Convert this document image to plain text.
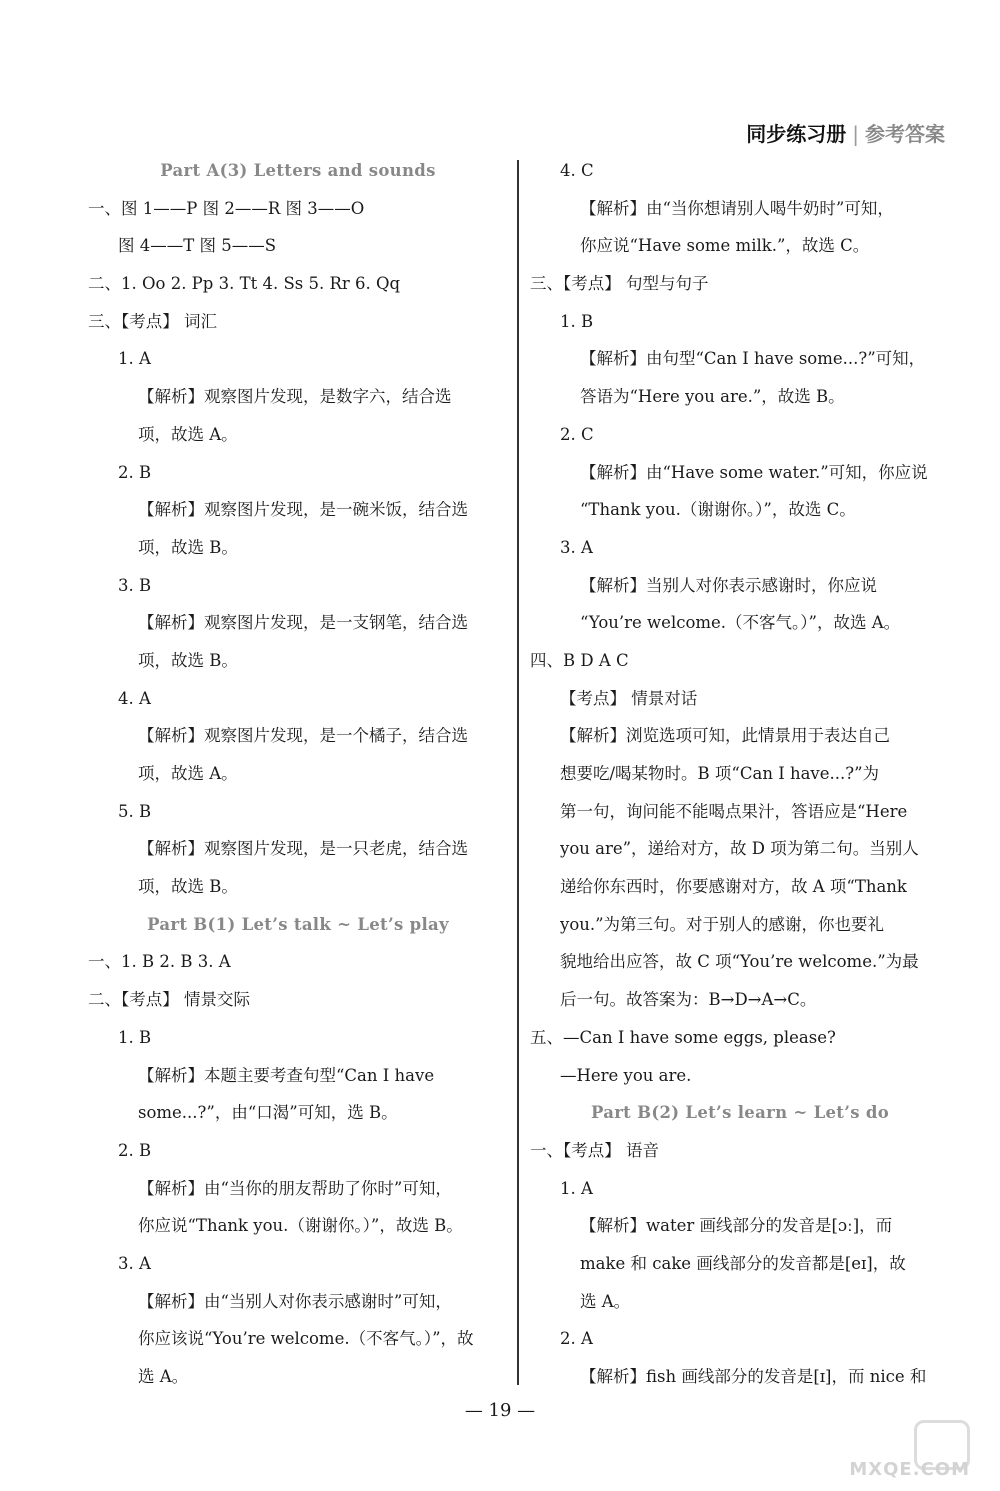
同步练习册 | 参考答案
Part A(3) Letters and sounds
一、图 1——P 图 2——R 图 3——O
图 4——T 图 5——S
二、1. Oo 2. Pp 3. Tt 4. Ss 5. Rr 6. Qq
三、【考点】 词汇
1. A
【解析】观察图片发现，是数字六，结合选
项，故选 A。
2. B
【解析】观察图片发现，是一碗米饭，结合选
项，故选 B。
3. B
【解析】观察图片发现，是一支钢笔，结合选
项，故选 B。
4. A
【解析】观察图片发现，是一个橘子，结合选
项，故选 A。
5. B
【解析】观察图片发现，是一只老虎，结合选
项，故选 B。
Part B(1) Let’s talk ~ Let’s play
一、1. B 2. B 3. A
二、【考点】 情景交际
1. B
【解析】本题主要考查句型“Can I have
some...?”，由“口渴”可知，选 B。
2. B
【解析】由“当你的朋友帮助了你时”可知，
你应说“Thank you.（谢谢你。）”，故选 B。
3. A
【解析】由“当别人对你表示感谢时”可知，
你应该说“You’re welcome.（不客气。）”，故
选 A。
4. C
【解析】由“当你想请别人喝牛奶时”可知，
你应说“Have some milk.”，故选 C。
三、【考点】 句型与句子
1. B
【解析】由句型“Can I have some...?”可知，
答语为“Here you are.”，故选 B。
2. C
【解析】由“Have some water.”可知，你应说
“Thank you.（谢谢你。）”，故选 C。
3. A
【解析】当别人对你表示感谢时，你应说
“You’re welcome.（不客气。）”，故选 A。
四、B D A C
【考点】 情景对话
【解析】浏览选项可知，此情景用于表达自己
想要吃/喝某物时。B 项“Can I have...?”为
第一句，询问能不能喝点果汁，答语应是“Here
you are”，递给对方，故 D 项为第二句。当别人
递给你东西时，你要感谢对方，故 A 项“Thank
you.”为第三句。对于别人的感谢，你也要礼
貌地给出应答，故 C 项“You’re welcome.”为最
后一句。故答案为：B→D→A→C。
五、—Can I have some eggs, please?
—Here you are.
Part B(2) Let’s learn ~ Let’s do
一、【考点】 语音
1. A
【解析】water 画线部分的发音是[ɔː]，而
make 和 cake 画线部分的发音都是[eɪ]，故
选 A。
2. A
【解析】fish 画线部分的发音是[ɪ]，而 nice 和
— 19 —
MXQE.COM
